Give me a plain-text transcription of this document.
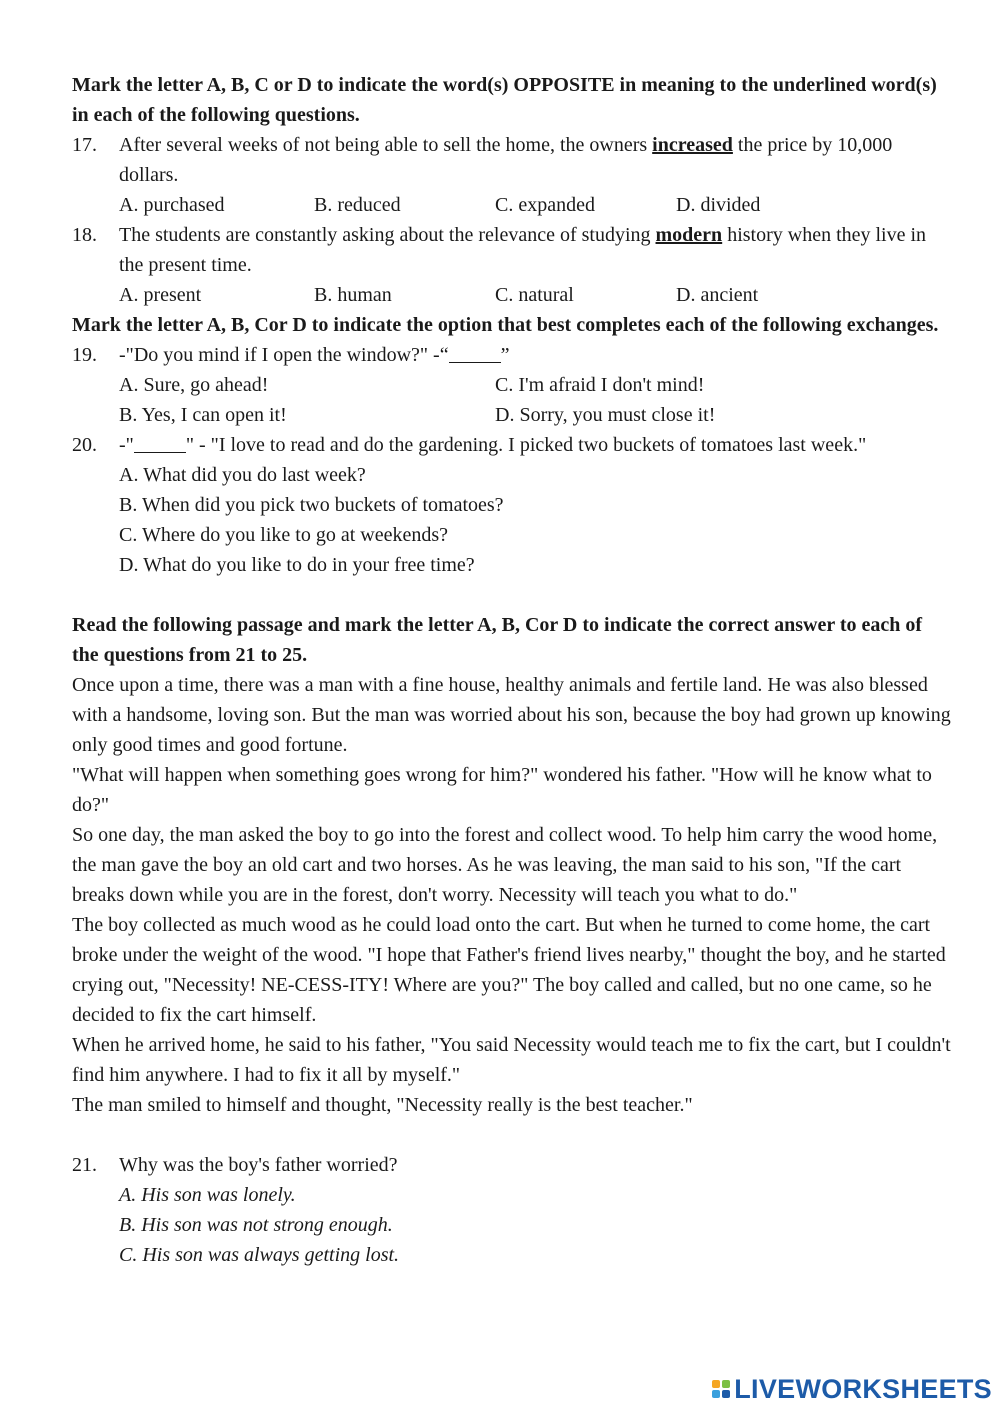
Mark the letter A, B, C or D to indicate the word(s) OPPOSITE in meaning to the underlined word(s) in each of the following questions.

17. After several weeks of not being able to sell the home, the owners increased the price by 10,000 dollars.

A. purchased	B. reduced	C. expanded	D. divided

18. The students are constantly asking about the relevance of studying modern history when they live in the present time.

A. present	B. human	C. natural	D. ancient

Mark the letter A, B, Cor D to indicate the option that best completes each of the following exchanges.

19. -"Do you mind if I open the window?" -“	”

A. Sure, go ahead!	C. I'm afraid I don't mind!
B. Yes, I can open it!	D. Sorry, you must close it!

20. -"	" - "I love to read and do the gardening. I picked two buckets of tomatoes last week."

A. What did you do last week?
B. When did you pick two buckets of tomatoes?
C. Where do you like to go at weekends?
D. What do you like to do in your free time?

Read the following passage and mark the letter A, B, Cor D to indicate the correct answer to each of the questions from 21 to 25.

Once upon a time, there was a man with a fine house, healthy animals and fertile land. He was also blessed with a handsome, loving son. But the man was worried about his son, because the boy had grown up knowing only good times and good fortune.

"What will happen when something goes wrong for him?" wondered his father. "How will he know what to do?"

So one day, the man asked the boy to go into the forest and collect wood. To help him carry the wood home, the man gave the boy an old cart and two horses. As he was leaving, the man said to his son, "If the cart breaks down while you are in the forest, don't worry. Necessity will teach you what to do."

The boy collected as much wood as he could load onto the cart. But when he turned to come home, the cart broke under the weight of the wood. "I hope that Father's friend lives nearby," thought the boy, and he started crying out, "Necessity! NE-CESS-ITY! Where are you?" The boy called and called, but no one came, so he decided to fix the cart himself.

When he arrived home, he said to his father, "You said Necessity would teach me to fix the cart, but I couldn't find him anywhere. I had to fix it all by myself."

The man smiled to himself and thought, "Necessity really is the best teacher."

21. Why was the boy's father worried?

A. His son was lonely.
B. His son was not strong enough.
C. His son was always getting lost.
LIVEWORKSHEETS
